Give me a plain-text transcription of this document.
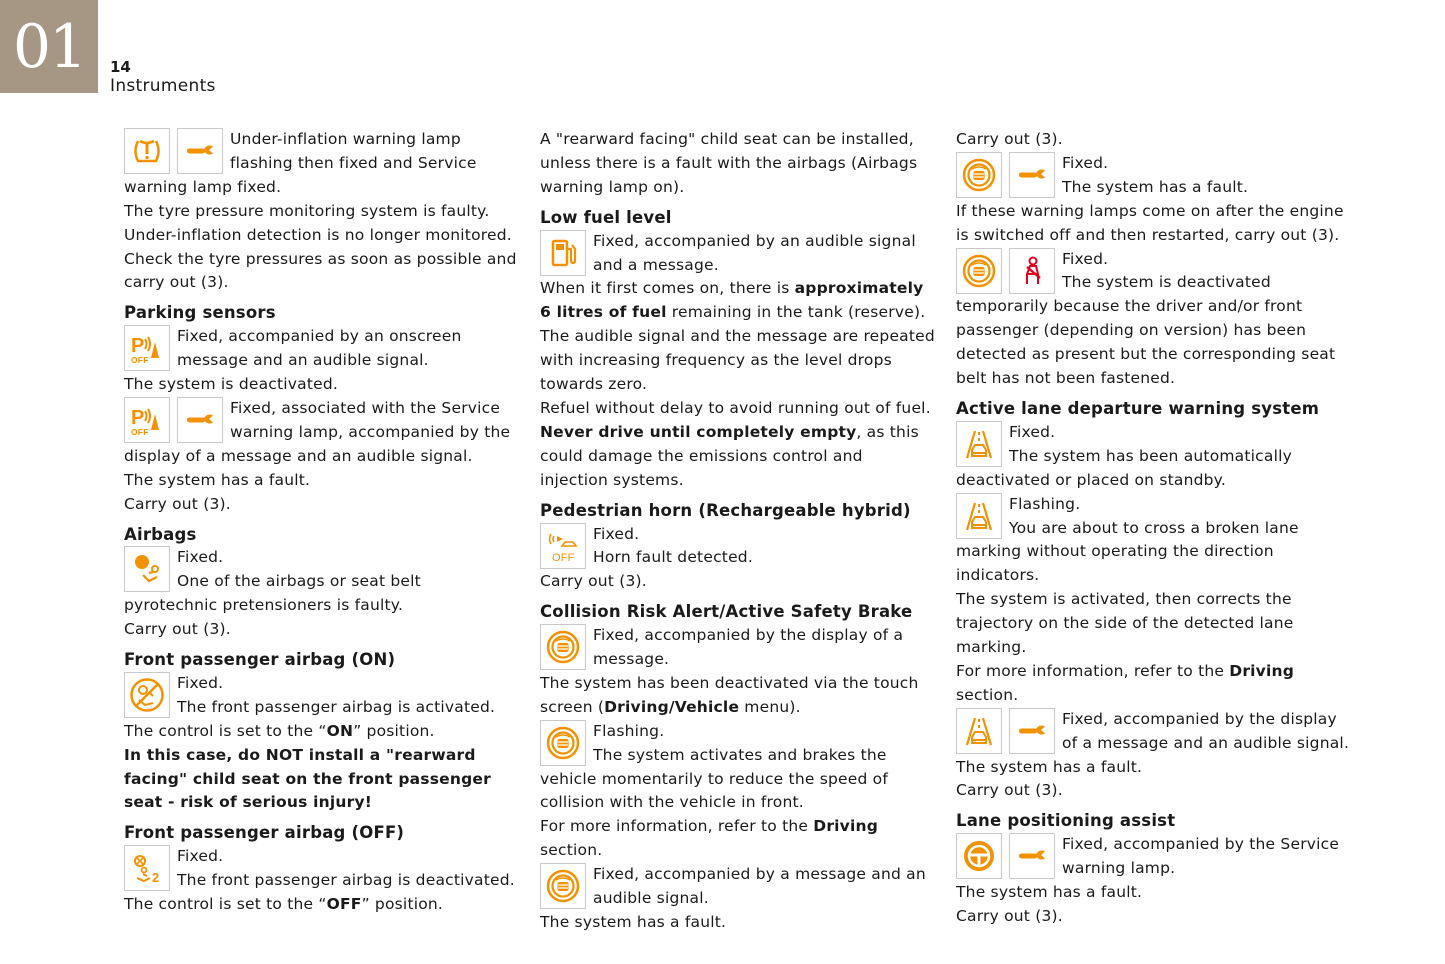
01 14
Instruments

Under-inflation warning lamp flashing then fixed and Service warning lamp fixed.

The tyre pressure monitoring system is faulty.

Under-inflation detection is no longer monitored.

Check the tyre pressures as soon as possible and carry out (3).

Parking sensors

Fixed, accompanied by an onscreen message and an audible signal.

The system is deactivated.

Fixed, associated with the Service warning lamp, accompanied by the display of a message and an audible signal.

The system has a fault.

Carry out (3).

Airbags

Fixed.

One of the airbags or seat belt pyrotechnic pretensioners is faulty.

Carry out (3).

Front passenger airbag (ON)

Fixed.

The front passenger airbag is activated.

The control is set to the “ON” position.

In this case, do NOT install a "rearward facing" child seat on the front passenger seat - risk of serious injury!

Front passenger airbag (OFF)

Fixed.

The front passenger airbag is deactivated.

The control is set to the “OFF” position.

A "rearward facing" child seat can be installed, unless there is a fault with the airbags (Airbags warning lamp on).

Low fuel level

Fixed, accompanied by an audible signal and a message.

When it first comes on, there is approximately 6 litres of fuel remaining in the tank (reserve).

The audible signal and the message are repeated with increasing frequency as the level drops towards zero.

Refuel without delay to avoid running out of fuel.

Never drive until completely empty, as this could damage the emissions control and injection systems.

Pedestrian horn (Rechargeable hybrid)

Fixed.

Horn fault detected.

Carry out (3).

Collision Risk Alert/Active Safety Brake

Fixed, accompanied by the display of a message.

The system has been deactivated via the touch screen (Driving/Vehicle menu).

Flashing.

The system activates and brakes the vehicle momentarily to reduce the speed of collision with the vehicle in front.

For more information, refer to the Driving section.

Fixed, accompanied by a message and an audible signal.

The system has a fault.

Carry out (3).

Fixed.

The system has a fault.

If these warning lamps come on after the engine is switched off and then restarted, carry out (3).

Fixed.

The system is deactivated temporarily because the driver and/or front passenger (depending on version) has been detected as present but the corresponding seat belt has not been fastened.

Active lane departure warning system

Fixed.

The system has been automatically deactivated or placed on standby.

Flashing.

You are about to cross a broken lane marking without operating the direction indicators.

The system is activated, then corrects the trajectory on the side of the detected lane marking.

For more information, refer to the Driving section.

Fixed, accompanied by the display of a message and an audible signal.

The system has a fault.

Carry out (3).

Lane positioning assist

Fixed, accompanied by the Service warning lamp.

The system has a fault.

Carry out (3).
